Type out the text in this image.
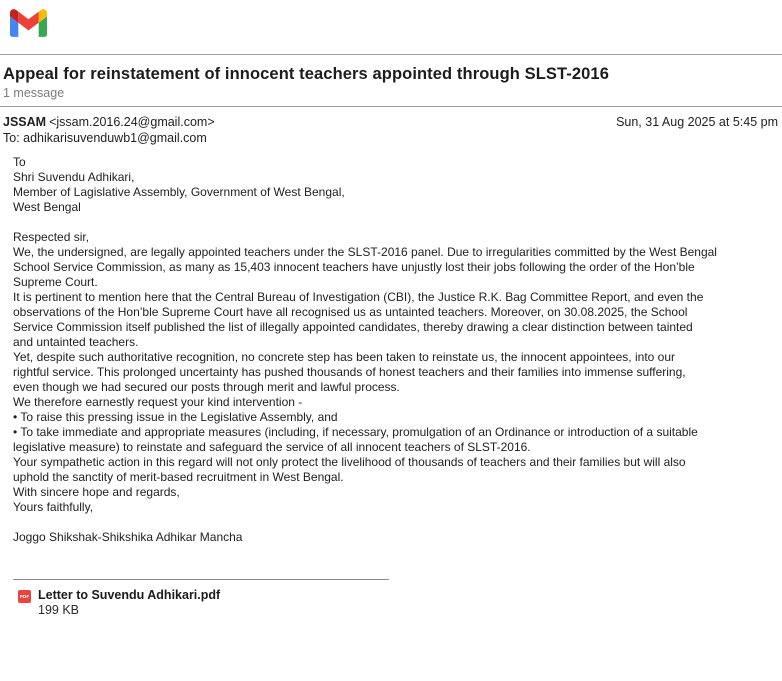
Appeal for reinstatement of innocent teachers appointed through SLST-2016
1 message
JSSAM <jssam.2016.24@gmail.com>	Sun, 31 Aug 2025 at 5:45 pm
To: adhikarisuvenduwb1@gmail.com
To
Shri Suvendu Adhikari,
Member of Lagislative Assembly, Government of West Bengal,
West Bengal

Respected sir,
We, the undersigned, are legally appointed teachers under the SLST-2016 panel. Due to irregularities committed by the West Bengal
School Service Commission, as many as 15,403 innocent teachers have unjustly lost their jobs following the order of the Hon’ble
Supreme Court.
It is pertinent to mention here that the Central Bureau of Investigation (CBI), the Justice R.K. Bag Committee Report, and even the
observations of the Hon’ble Supreme Court have all recognised us as untainted teachers. Moreover, on 30.08.2025, the School
Service Commission itself published the list of illegally appointed candidates, thereby drawing a clear distinction between tainted
and untainted teachers.
Yet, despite such authoritative recognition, no concrete step has been taken to reinstate us, the innocent appointees, into our
rightful service. This prolonged uncertainty has pushed thousands of honest teachers and their families into immense suffering,
even though we had secured our posts through merit and lawful process.
We therefore earnestly request your kind intervention -
• To raise this pressing issue in the Legislative Assembly, and
• To take immediate and appropriate measures (including, if necessary, promulgation of an Ordinance or introduction of a suitable
legislative measure) to reinstate and safeguard the service of all innocent teachers of SLST-2016.
Your sympathetic action in this regard will not only protect the livelihood of thousands of teachers and their families but will also
uphold the sanctity of merit-based recruitment in West Bengal.
With sincere hope and regards,
Yours faithfully,

Joggo Shikshak-Shikshika Adhikar Mancha
PDF Letter to Suvendu Adhikari.pdf
199 KB
